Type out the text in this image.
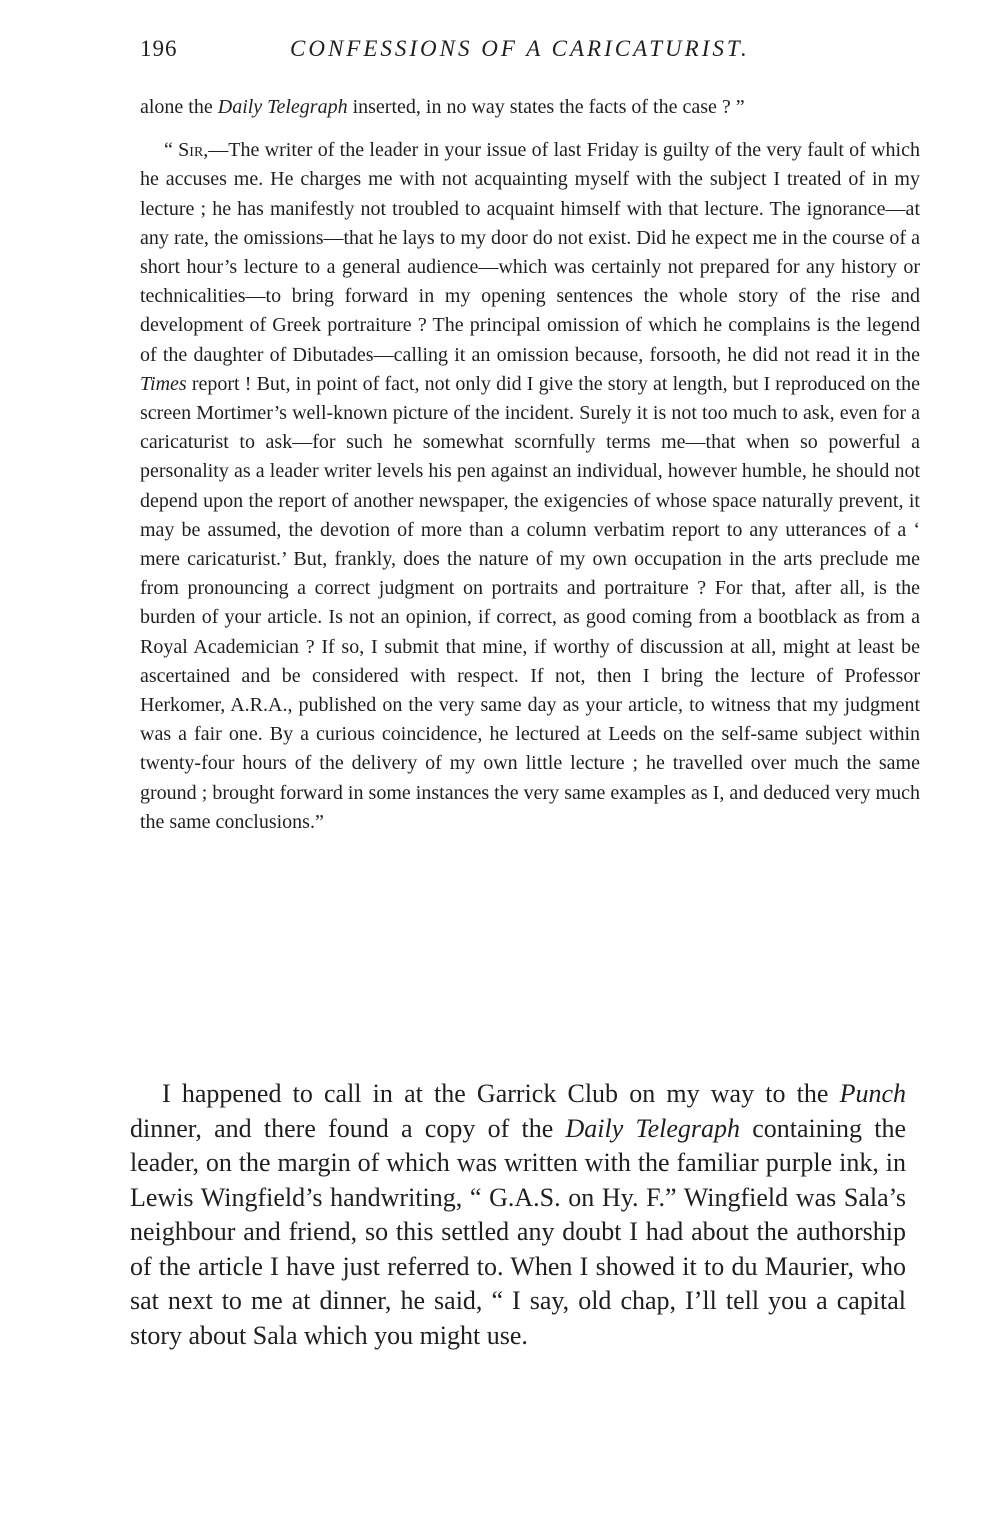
196	CONFESSIONS OF A CARICATURIST.

alone the Daily Telegraph inserted, in no way states the facts of the case ? ”

“ Sir,—The writer of the leader in your issue of last Friday is guilty of the very fault of which he accuses me. He charges me with not acquainting myself with the subject I treated of in my lecture ; he has manifestly not troubled to acquaint himself with that lecture. The ignorance—at any rate, the omissions—that he lays to my door do not exist. Did he expect me in the course of a short hour’s lecture to a general audience—which was certainly not prepared for any history or technicalities—to bring forward in my opening sentences the whole story of the rise and development of Greek portraiture ? The principal omission of which he complains is the legend of the daughter of Dibutades—calling it an omission because, forsooth, he did not read it in the Times report ! But, in point of fact, not only did I give the story at length, but I reproduced on the screen Mortimer’s well-known picture of the incident. Surely it is not too much to ask, even for a caricaturist to ask—for such he somewhat scornfully terms me—that when so powerful a personality as a leader writer levels his pen against an individual, however humble, he should not depend upon the report of another newspaper, the exigencies of whose space naturally prevent, it may be assumed, the devotion of more than a column verbatim report to any utterances of a ‘ mere caricaturist.’ But, frankly, does the nature of my own occupation in the arts preclude me from pronouncing a correct judgment on portraits and portraiture ? For that, after all, is the burden of your article. Is not an opinion, if correct, as good coming from a bootblack as from a Royal Academician ? If so, I submit that mine, if worthy of discussion at all, might at least be ascertained and be considered with respect. If not, then I bring the lecture of Professor Herkomer, A.R.A., published on the very same day as your article, to witness that my judgment was a fair one. By a curious coincidence, he lectured at Leeds on the self-same subject within twenty-four hours of the delivery of my own little lecture ; he travelled over much the same ground ; brought forward in some instances the very same examples as I, and deduced very much the same conclusions.”

I happened to call in at the Garrick Club on my way to the Punch dinner, and there found a copy of the Daily Telegraph containing the leader, on the margin of which was written with the familiar purple ink, in Lewis Wingfield’s handwriting, “ G.A.S. on Hy. F.” Wingfield was Sala’s neighbour and friend, so this settled any doubt I had about the authorship of the article I have just referred to. When I showed it to du Maurier, who sat next to me at dinner, he said, “ I say, old chap, I’ll tell you a capital story about Sala which you might use.
